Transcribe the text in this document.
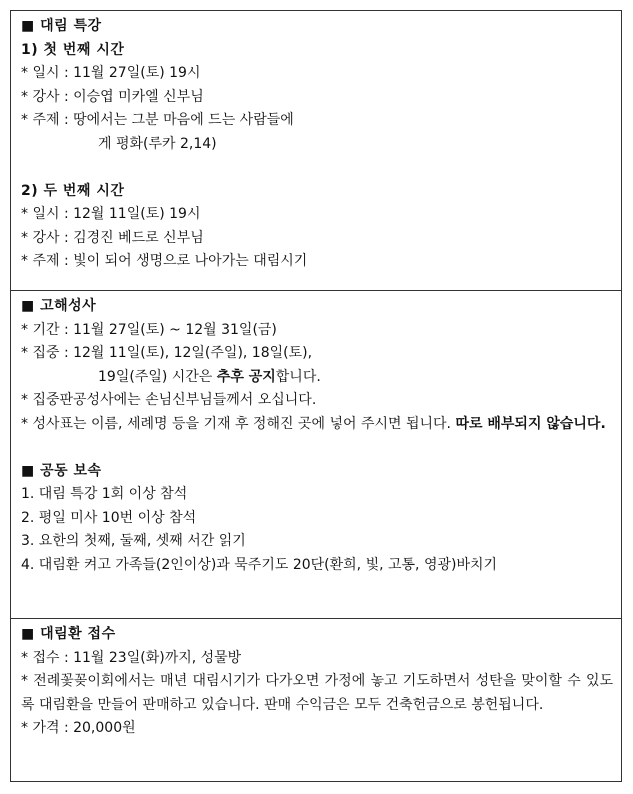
■ 대림 특강
1) 첫 번째 시간
* 일시 : 11월 27일(토) 19시
* 강사 : 이승엽 미카엘 신부님
* 주제 : 땅에서는 그분 마음에 드는 사람들에
게 평화(루카 2,14)
2) 두 번째 시간
* 일시 : 12월 11일(토) 19시
* 강사 : 김경진 베드로 신부님
* 주제 : 빛이 되어 생명으로 나아가는 대림시기
■ 고해성사
* 기간 : 11월 27일(토) ~ 12월 31일(금)
* 집중 : 12월 11일(토), 12일(주일), 18일(토),
19일(주일) 시간은 추후 공지합니다.
* 집중판공성사에는 손님신부님들께서 오십니다.
* 성사표는 이름, 세례명 등을 기재 후 정해진 곳에 넣어 주시면 됩니다. 따로 배부되지 않습니다.
■ 공동 보속
1. 대림 특강 1회 이상 참석
2. 평일 미사 10번 이상 참석
3. 요한의 첫째, 둘째, 셋째 서간 읽기
4. 대림환 켜고 가족들(2인이상)과 묵주기도 20단(환희, 빛, 고통, 영광)바치기
■ 대림환 접수
* 접수 : 11월 23일(화)까지, 성물방
* 전례꽃꽂이회에서는 매년 대림시기가 다가오면 가정에 놓고 기도하면서 성탄을 맞이할 수 있도록 대림환을 만들어 판매하고 있습니다. 판매 수익금은 모두 건축헌금으로 봉헌됩니다.
* 가격 : 20,000원
